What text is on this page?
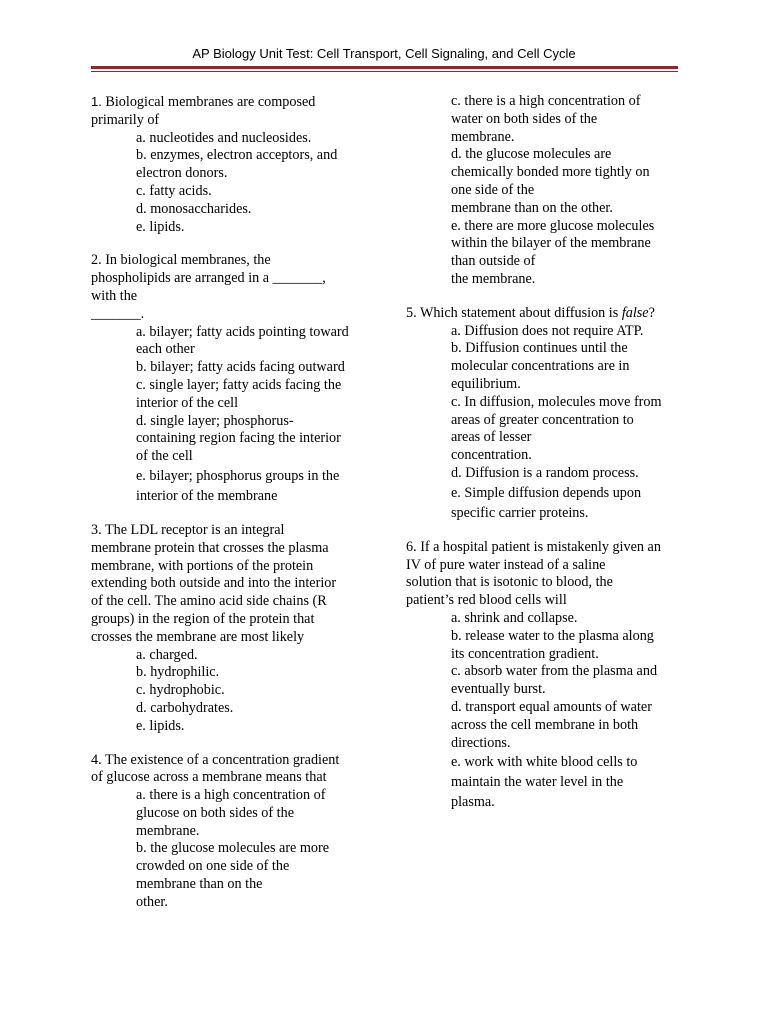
AP Biology Unit Test: Cell Transport, Cell Signaling, and Cell Cycle
1. Biological membranes are composed
primarily of
a. nucleotides and nucleosides.
b. enzymes, electron acceptors, and
electron donors.
c. fatty acids.
d. monosaccharides.
e. lipids.
2. In biological membranes, the
phospholipids are arranged in a _______,
with the
_______.
a. bilayer; fatty acids pointing toward
each other
b. bilayer; fatty acids facing outward
c. single layer; fatty acids facing the
interior of the cell
d. single layer; phosphorus-
containing region facing the interior
of the cell
e. bilayer; phosphorus groups in the
interior of the membrane
3. The LDL receptor is an integral
membrane protein that crosses the plasma
membrane, with portions of the protein
extending both outside and into the interior
of the cell. The amino acid side chains (R
groups) in the region of the protein that
crosses the membrane are most likely
a. charged.
b. hydrophilic.
c. hydrophobic.
d. carbohydrates.
e. lipids.
4. The existence of a concentration gradient
of glucose across a membrane means that
a. there is a high concentration of
glucose on both sides of the
membrane.
b. the glucose molecules are more
crowded on one side of the
membrane than on the
other.
c. there is a high concentration of
water on both sides of the
membrane.
d. the glucose molecules are
chemically bonded more tightly on
one side of the
membrane than on the other.
e. there are more glucose molecules
within the bilayer of the membrane
than outside of
the membrane.
5. Which statement about diffusion is false?
a. Diffusion does not require ATP.
b. Diffusion continues until the
molecular concentrations are in
equilibrium.
c. In diffusion, molecules move from
areas of greater concentration to
areas of lesser
concentration.
d. Diffusion is a random process.
e. Simple diffusion depends upon
specific carrier proteins.
6. If a hospital patient is mistakenly given an
IV of pure water instead of a saline
solution that is isotonic to blood, the
patient’s red blood cells will
a. shrink and collapse.
b. release water to the plasma along
its concentration gradient.
c. absorb water from the plasma and
eventually burst.
d. transport equal amounts of water
across the cell membrane in both
directions.
e. work with white blood cells to
maintain the water level in the
plasma.
